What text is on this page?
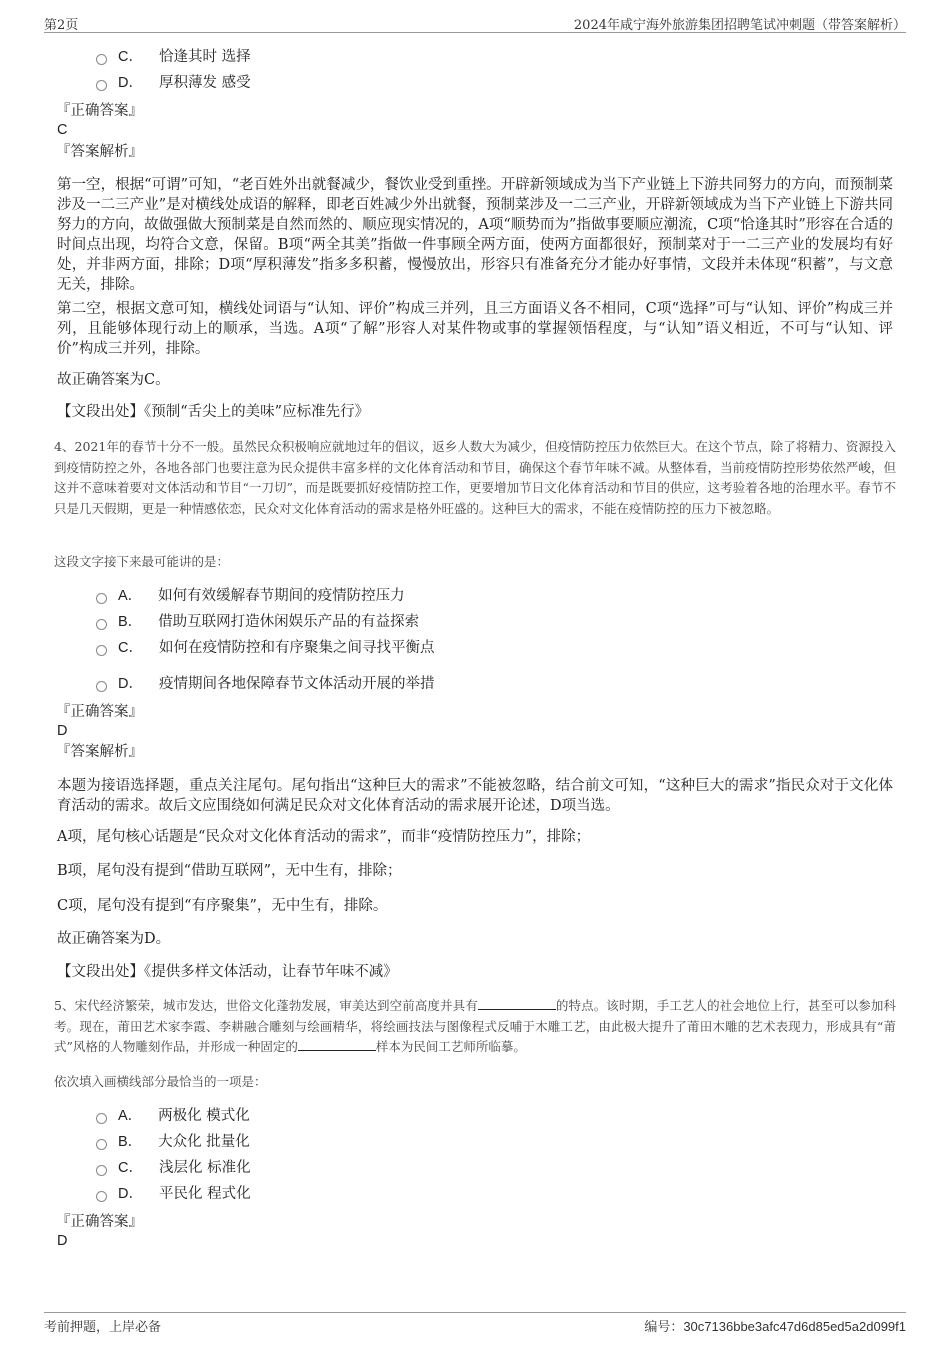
第2页	2024年咸宁海外旅游集团招聘笔试冲刺题（带答案解析）
C． 恰逢其时 选择
D． 厚积薄发 感受
『正确答案』
C
『答案解析』
第一空，根据“可谓”可知，“老百姓外出就餐减少，餐饮业受到重挫。开辟新领域成为当下产业链上下游共同努力的方向，而预制菜涉及一二三产业”是对横线处成语的解释，即老百姓减少外出就餐，预制菜涉及一二三产业，开辟新领域成为当下产业链上下游共同努力的方向，故做强做大预制菜是自然而然的、顺应现实情况的，A项“顺势而为”指做事要顺应潮流，C项“恰逢其时”形容在合适的时间点出现，均符合文意，保留。B项“两全其美”指做一件事顾全两方面，使两方面都很好，预制菜对于一二三产业的发展均有好处，并非两方面，排除；D项“厚积薄发”指多多积蓄，慢慢放出，形容只有准备充分才能办好事情，文段并未体现“积蓄”，与文意无关，排除。
第二空，根据文意可知，横线处词语与“认知、评价”构成三并列，且三方面语义各不相同，C项“选择”可与“认知、评价”构成三并列，且能够体现行动上的顺承，当选。A项“了解”形容人对某件物或事的掌握领悟程度，与“认知”语义相近，不可与“认知、评价”构成三并列，排除。
故正确答案为C。
【文段出处】《预制“舌尖上的美味”应标准先行》
4、2021年的春节十分不一般。虽然民众积极响应就地过年的倡议，返乡人数大为减少，但疫情防控压力依然巨大。在这个节点，除了将精力、资源投入到疫情防控之外，各地各部门也要注意为民众提供丰富多样的文化体育活动和节目，确保这个春节年味不减。从整体看，当前疫情防控形势依然严峻，但这并不意味着要对文体活动和节目“一刀切”，而是既要抓好疫情防控工作，更要增加节日文化体育活动和节目的供应，这考验着各地的治理水平。春节不只是几天假期，更是一种情感依恋，民众对文化体育活动的需求是格外旺盛的。这种巨大的需求，不能在疫情防控的压力下被忽略。
这段文字接下来最可能讲的是：
A． 如何有效缓解春节期间的疫情防控压力
B． 借助互联网打造休闲娱乐产品的有益探索
C． 如何在疫情防控和有序聚集之间寻找平衡点
D． 疫情期间各地保障春节文体活动开展的举措
『正确答案』
D
『答案解析』
本题为接语选择题，重点关注尾句。尾句指出“这种巨大的需求”不能被忽略，结合前文可知，“这种巨大的需求”指民众对于文化体育活动的需求。故后文应围绕如何满足民众对文化体育活动的需求展开论述，D项当选。
A项，尾句核心话题是“民众对文化体育活动的需求”，而非“疫情防控压力”，排除；
B项，尾句没有提到“借助互联网”，无中生有，排除；
C项，尾句没有提到“有序聚集”，无中生有，排除。
故正确答案为D。
【文段出处】《提供多样文体活动，让春节年味不减》
5、宋代经济繁荣，城市发达，世俗文化蓬勃发展，审美达到空前高度并具有	的特点。该时期，手工艺人的社会地位上行，甚至可以参加科考。现在，莆田艺术家李霞、李耕融合雕刻与绘画精华，将绘画技法与图像程式反哺于木雕工艺，由此极大提升了莆田木雕的艺术表现力，形成具有“莆式”风格的人物雕刻作品，并形成一种固定的	样本为民间工艺师所临摹。
依次填入画横线部分最恰当的一项是：
A． 两极化 模式化
B． 大众化 批量化
C． 浅层化 标准化
D． 平民化 程式化
『正确答案』
D
考前押题，上岸必备	编号：30c7136bbe3afc47d6d85ed5a2d099f1
